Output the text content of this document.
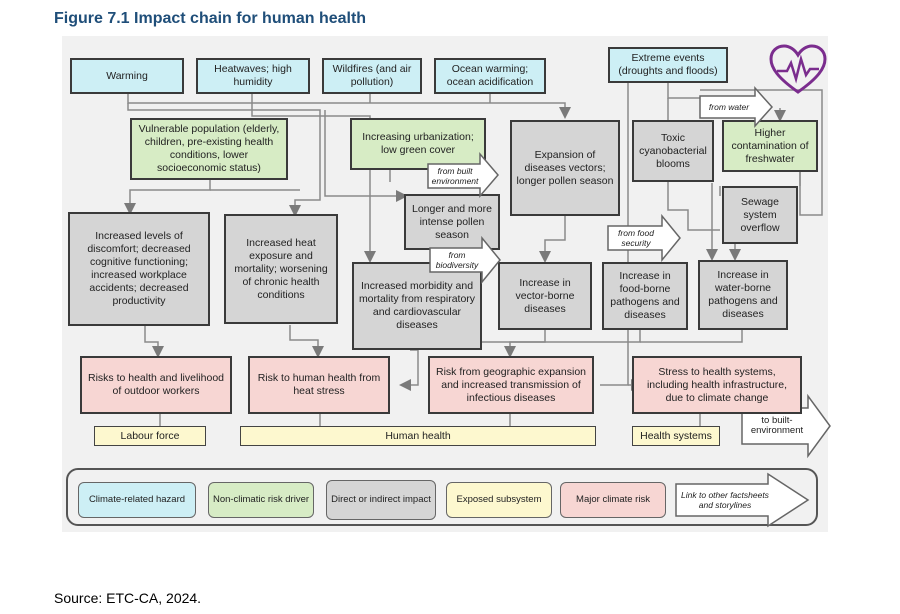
Figure 7.1 Impact chain for human health
Warming
Heatwaves; high humidity
Wildfires (and air pollution)
Ocean warming; ocean acidification
Extreme events (droughts and floods)
Vulnerable population (elderly, children, pre-existing health conditions, lower socioeconomic status)
Increasing urbanization; low green cover	Expansion of diseases vectors; longer pollen season
Toxic cyanobacterial blooms
Higher contamination of freshwater
Sewage system overflow
Longer and more intense pollen season
Increased levels of discomfort; decreased cognitive functioning; increased workplace accidents; decreased productivity
Increased heat exposure and mortality; worsening of chronic health conditions
Increased morbidity and mortality from respiratory and cardiovascular diseases
Increase in vector-borne diseases
Increase in food-borne pathogens and diseases
Increase in water-borne pathogens and diseases
from water
from built environment
from food security
from biodiversity
to built-environment
Risks to health and livelihood of outdoor workers
Risk to human health from heat stress
Risk from geographic expansion and increased transmission of infectious diseases
Stress to health systems, including health infrastructure, due to climate change
Labour force	Human health	Health systems
Climate-related hazard	Non-climatic risk driver	Direct or indirect impact	Exposed subsystem	Major climate risk	Link to other factsheets and storylines
Source: ETC-CA, 2024.
